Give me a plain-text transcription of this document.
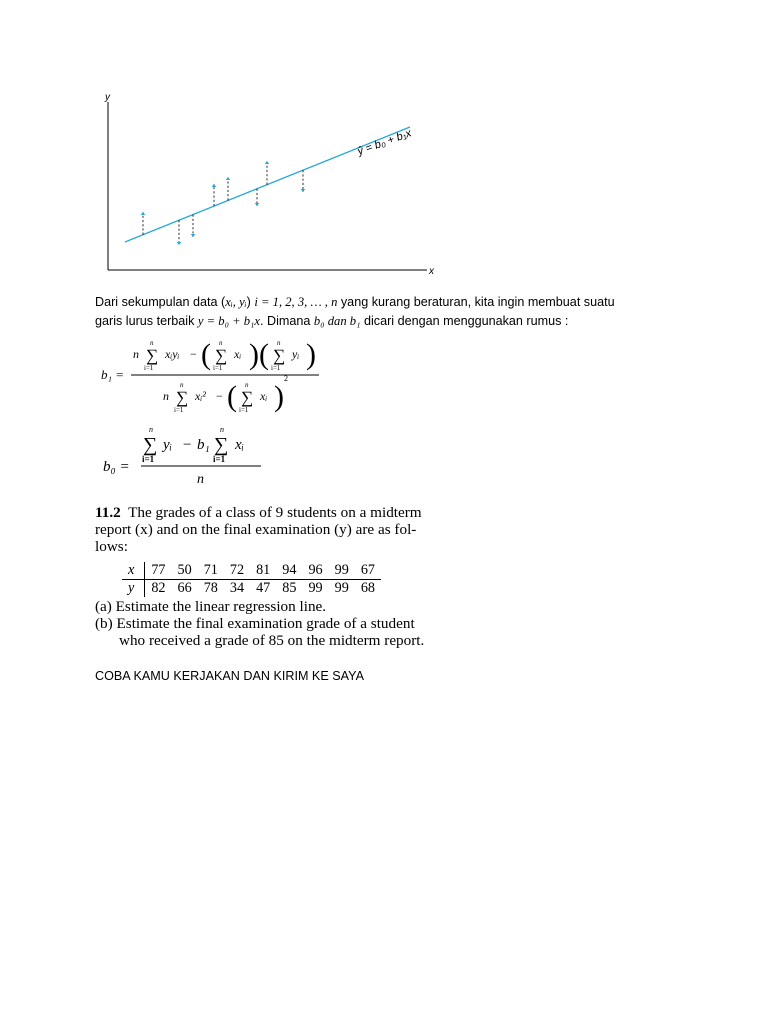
y
x
ŷ = b₀ + b₁x
Dari sekumpulan data (xᵢ, yᵢ) i = 1, 2, 3, … , n yang kurang beraturan, kita ingin membuat suatu
garis lurus terbaik y = b₀ + b₁x. Dimana b₀ dan b₁ dicari dengan menggunakan rumus :
b₁ =
n
n
∑
i=1
xᵢyᵢ − ( n
∑
i=1
xᵢ ) ( n
∑
i=1
yᵢ )
n
n
∑
i=1
xᵢ² − ( n
∑
i=1
xᵢ )
2
b₀ =
n
∑
i=1
yᵢ − b₁
n
∑
i=1
xᵢ
n
11.2 The grades of a class of 9 students on a midterm
report (x) and on the final examination (y) are as fol-
lows:
x	77	50	71	72	81	94	96	99	67
y	82	66	78	34	47	85	99	99	68
(a) Estimate the linear regression line.
(b) Estimate the final examination grade of a student
who received a grade of 85 on the midterm report.
COBA KAMU KERJAKAN DAN KIRIM KE SAYA
